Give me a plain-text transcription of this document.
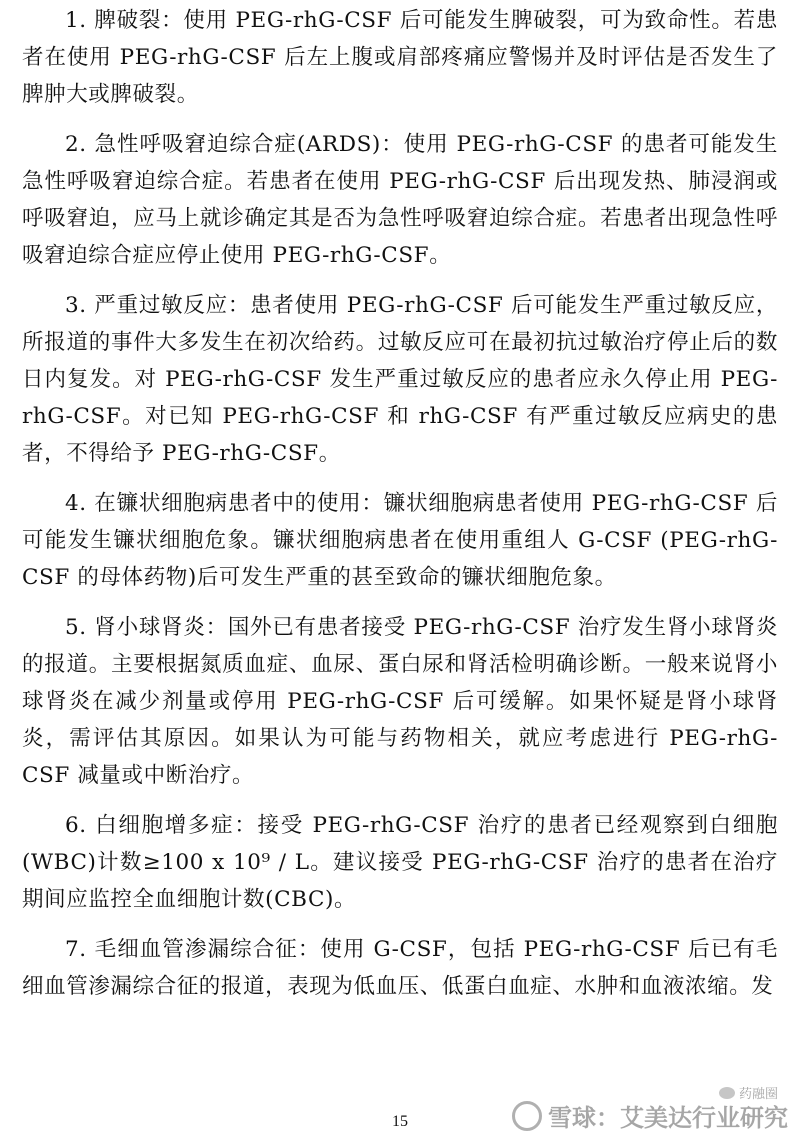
1. 脾破裂：使用 PEG-rhG-CSF 后可能发生脾破裂，可为致命性。若患者在使用 PEG-rhG-CSF 后左上腹或肩部疼痛应警惕并及时评估是否发生了脾肿大或脾破裂。

2. 急性呼吸窘迫综合症(ARDS)：使用 PEG-rhG-CSF 的患者可能发生急性呼吸窘迫综合症。若患者在使用 PEG-rhG-CSF 后出现发热、肺浸润或呼吸窘迫，应马上就诊确定其是否为急性呼吸窘迫综合症。若患者出现急性呼吸窘迫综合症应停止使用 PEG-rhG-CSF。

3. 严重过敏反应：患者使用 PEG-rhG-CSF 后可能发生严重过敏反应，所报道的事件大多发生在初次给药。过敏反应可在最初抗过敏治疗停止后的数日内复发。对 PEG-rhG-CSF 发生严重过敏反应的患者应永久停止用 PEG-rhG-CSF。对已知 PEG-rhG-CSF 和 rhG-CSF 有严重过敏反应病史的患者，不得给予 PEG-rhG-CSF。

4. 在镰状细胞病患者中的使用：镰状细胞病患者使用 PEG-rhG-CSF 后可能发生镰状细胞危象。镰状细胞病患者在使用重组人 G-CSF (PEG-rhG-CSF 的母体药物)后可发生严重的甚至致命的镰状细胞危象。

5. 肾小球肾炎：国外已有患者接受 PEG-rhG-CSF 治疗发生肾小球肾炎的报道。主要根据氮质血症、血尿、蛋白尿和肾活检明确诊断。一般来说肾小球肾炎在减少剂量或停用 PEG-rhG-CSF 后可缓解。如果怀疑是肾小球肾炎，需评估其原因。如果认为可能与药物相关，就应考虑进行 PEG-rhG-CSF 减量或中断治疗。

6. 白细胞增多症：接受 PEG-rhG-CSF 治疗的患者已经观察到白细胞(WBC)计数≥100 x 10⁹ / L。建议接受 PEG-rhG-CSF 治疗的患者在治疗期间应监控全血细胞计数(CBC)。

7. 毛细血管渗漏综合征：使用 G-CSF，包括 PEG-rhG-CSF 后已有毛细血管渗漏综合征的报道，表现为低血压、低蛋白血症、水肿和血液浓缩。发

15
药融圈
雪球：艾美达行业研究
